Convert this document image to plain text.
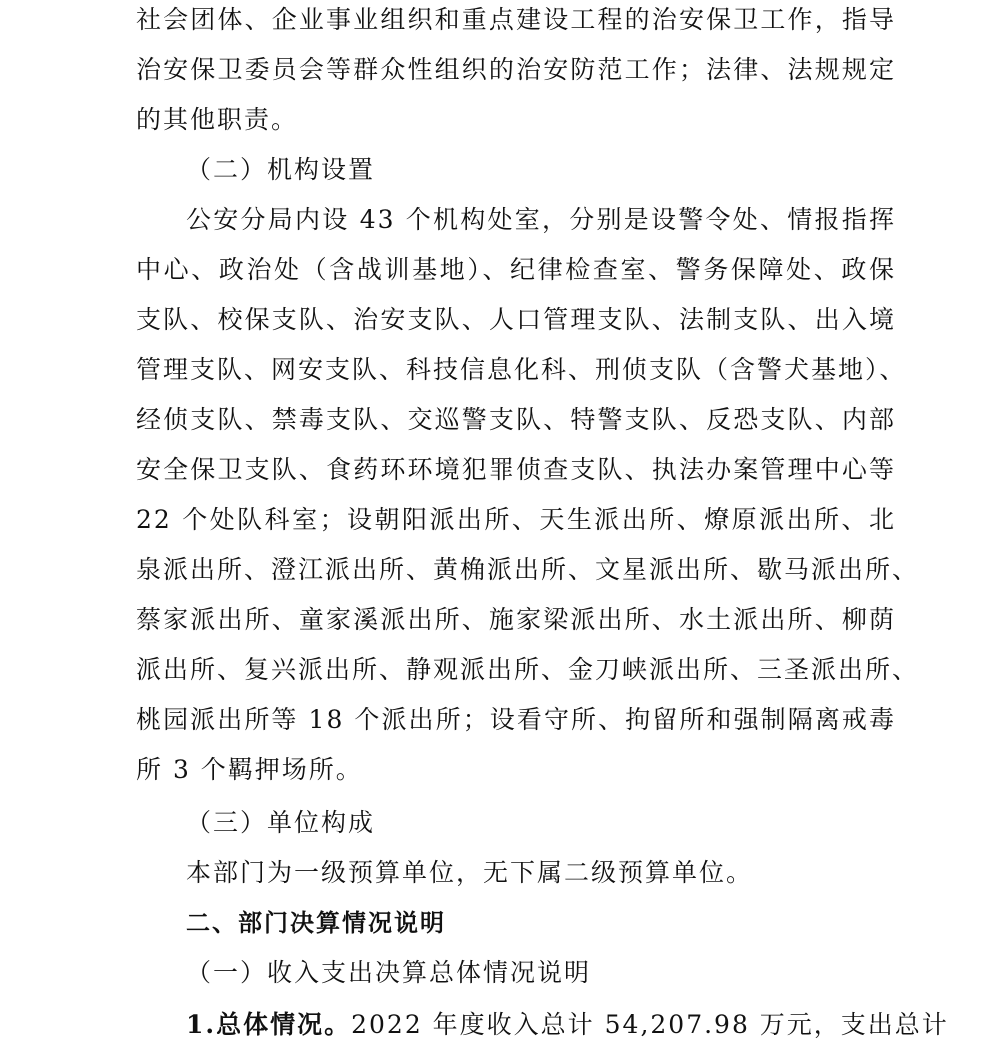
社会团体、企业事业组织和重点建设工程的治安保卫工作，指导
治安保卫委员会等群众性组织的治安防范工作；法律、法规规定
的其他职责。
（二）机构设置
公安分局内设 43 个机构处室，分别是设警令处、情报指挥
中心、政治处（含战训基地）、纪律检查室、警务保障处、政保
支队、校保支队、治安支队、人口管理支队、法制支队、出入境
管理支队、网安支队、科技信息化科、刑侦支队（含警犬基地）、
经侦支队、禁毒支队、交巡警支队、特警支队、反恐支队、内部
安全保卫支队、食药环环境犯罪侦查支队、执法办案管理中心等
22 个处队科室；设朝阳派出所、天生派出所、燎原派出所、北
泉派出所、澄江派出所、黄桷派出所、文星派出所、歇马派出所、
蔡家派出所、童家溪派出所、施家梁派出所、水土派出所、柳荫
派出所、复兴派出所、静观派出所、金刀峡派出所、三圣派出所、
桃园派出所等 18 个派出所；设看守所、拘留所和强制隔离戒毒
所 3 个羁押场所。
（三）单位构成
本部门为一级预算单位，无下属二级预算单位。
二、部门决算情况说明
（一）收入支出决算总体情况说明
1.总体情况。2022 年度收入总计 54,207.98 万元，支出总计
